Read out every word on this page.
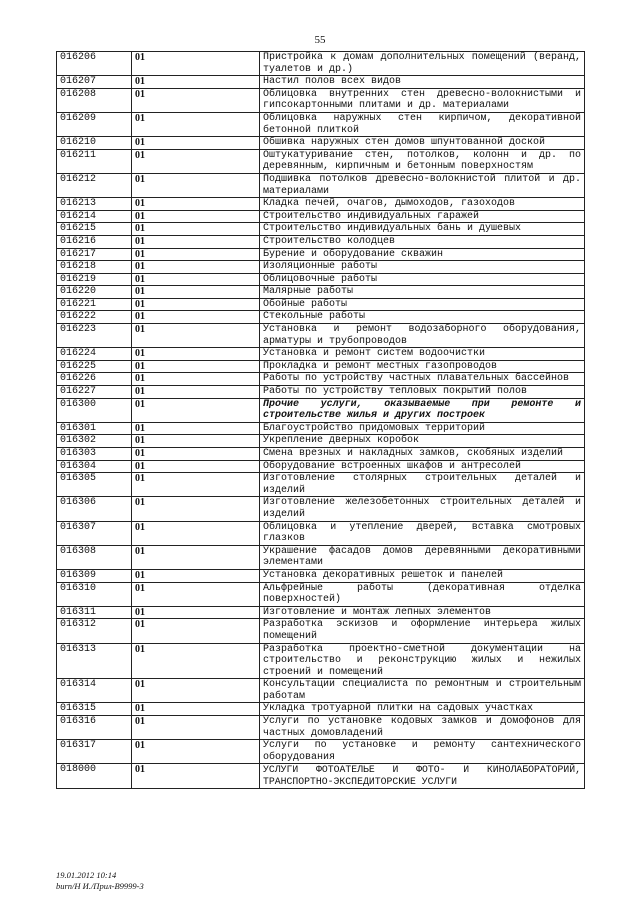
55
016206	01	Пристройка к домам дополнительных помещений (веранд, туалетов и др.)
016207	01	Настил полов всех видов
016208	01	Облицовка внутренних стен древесно-волокнистыми и гипсокартонными плитами и др. материалами
016209	01	Облицовка наружных стен кирпичом, декоративной бетонной плиткой
016210	01	Обшивка наружных стен домов шпунтованной доской
016211	01	Оштукатуривание стен, потолков, колонн и др. по деревянным, кирпичным и бетонным поверхностям
016212	01	Подшивка потолков древесно-волокнистой плитой и др. материалами
016213	01	Кладка печей, очагов, дымоходов, газоходов
016214	01	Строительство индивидуальных гаражей
016215	01	Строительство индивидуальных бань и душевых
016216	01	Строительство колодцев
016217	01	Бурение и оборудование скважин
016218	01	Изоляционные работы
016219	01	Облицовочные работы
016220	01	Малярные работы
016221	01	Обойные работы
016222	01	Стекольные работы
016223	01	Установка и ремонт водозаборного оборудования, арматуры и трубопроводов
016224	01	Установка и ремонт систем водоочистки
016225	01	Прокладка и ремонт местных газопроводов
016226	01	Работы по устройству частных плавательных бассейнов
016227	01	Работы по устройству тепловых покрытий полов
016300	01	Прочие услуги, оказываемые при ремонте и строительстве жилья и других построек
016301	01	Благоустройство придомовых территорий
016302	01	Укрепление дверных коробок
016303	01	Смена врезных и накладных замков, скобяных изделий
016304	01	Оборудование встроенных шкафов и антресолей
016305	01	Изготовление столярных строительных деталей и изделий
016306	01	Изготовление железобетонных строительных деталей и изделий
016307	01	Облицовка и утепление дверей, вставка смотровых глазков
016308	01	Украшение фасадов домов деревянными декоративными элементами
016309	01	Установка декоративных решеток и панелей
016310	01	Альфрейные работы (декоративная отделка поверхностей)
016311	01	Изготовление и монтаж лепных элементов
016312	01	Разработка эскизов и оформление интерьера жилых помещений
016313	01	Разработка проектно-сметной документации на строительство и реконструкцию жилых и нежилых строений и помещений
016314	01	Консультации специалиста по ремонтным и строительным работам
016315	01	Укладка тротуарной плитки на садовых участках
016316	01	Услуги по установке кодовых замков и домофонов для частных домовладений
016317	01	Услуги по установке и ремонту сантехнического оборудования
018000	01	УСЛУГИ ФОТОАТЕЛЬЕ И ФОТО- И КИНОЛАБОРАТОРИЙ, ТРАНСПОРТНО-ЭКСПЕДИТОРСКИЕ УСЛУГИ
19.01.2012 10:14
burn/Н И./Прил-В9999-3
